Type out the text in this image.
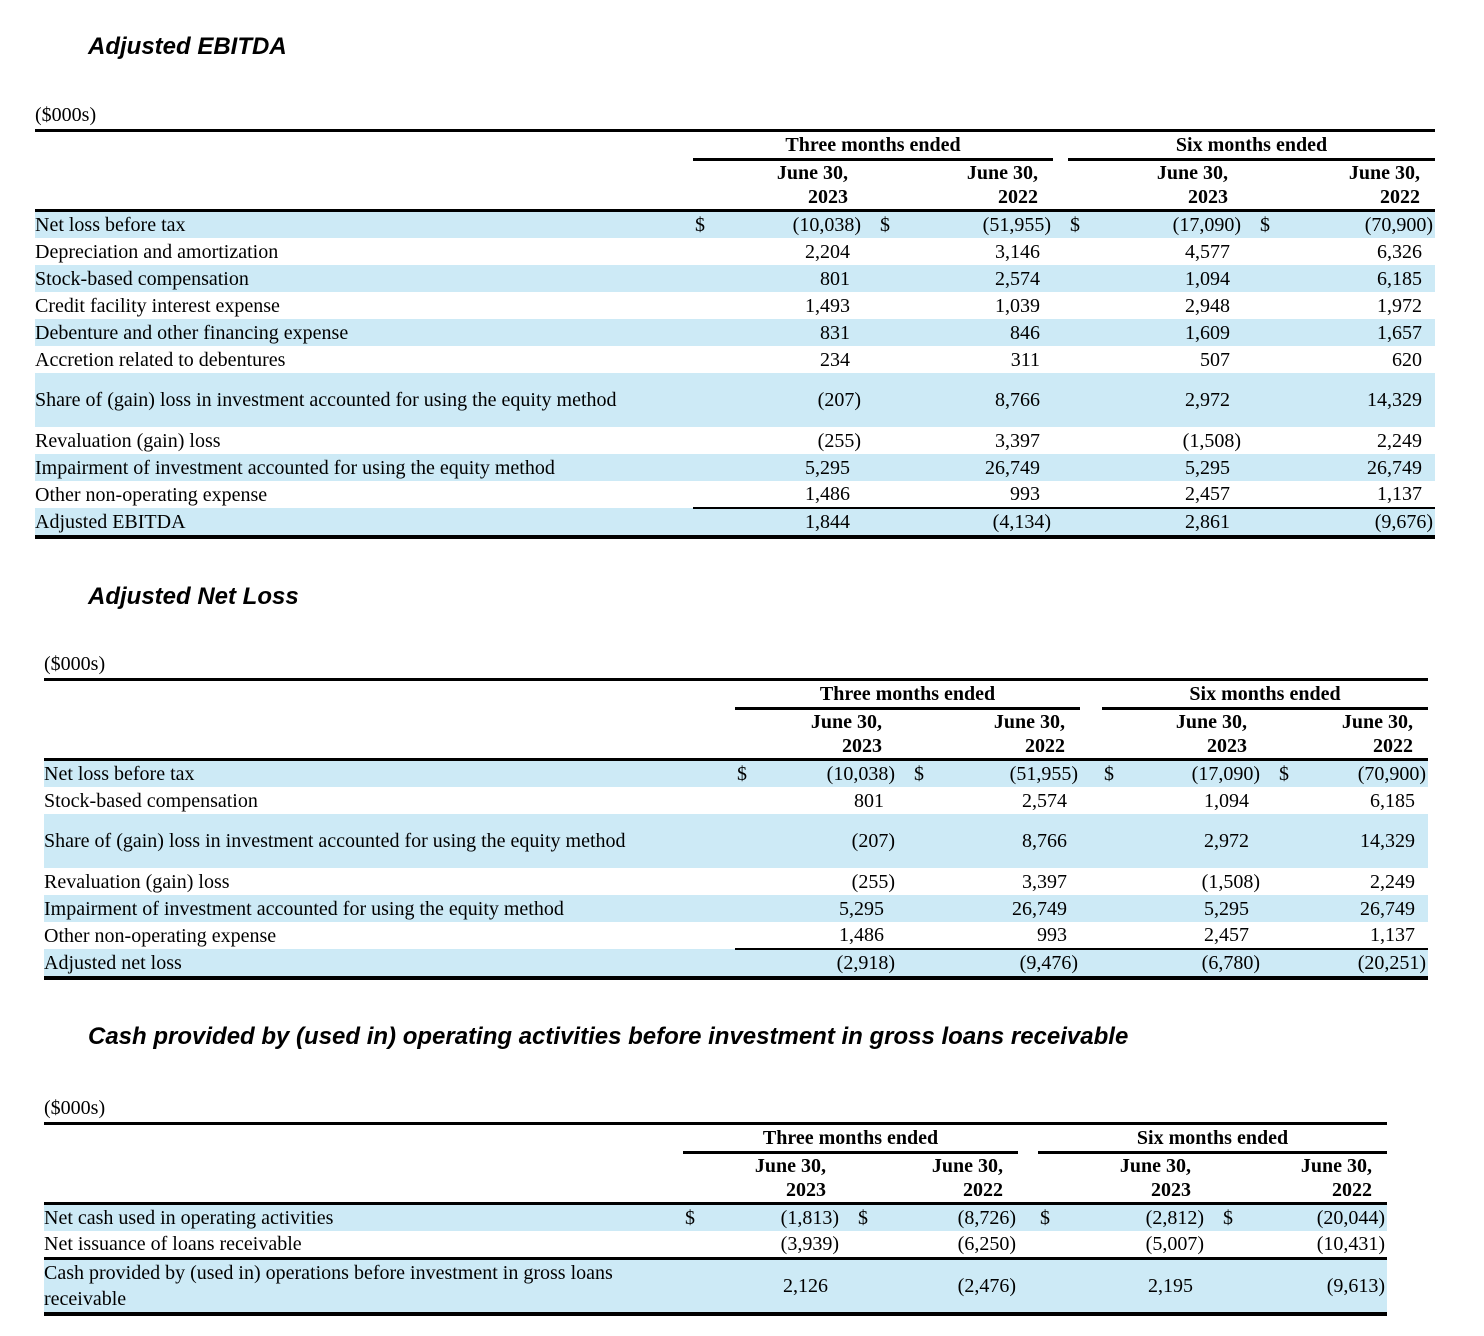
Adjusted EBITDA
($000s)									
	Three months ended					Six months ended			

June 30,
2023

June 30,
2022

June 30,
2023

June 30,
2022

Net loss before tax	$	(10,038)	$	(51,955)		$	(17,090)	$	(70,900)
Depreciation and amortization		2,204		3,146			4,577		6,326
Stock-based compensation		801		2,574			1,094		6,185
Credit facility interest expense		1,493		1,039			2,948		1,972
Debenture and other financing expense		831		846			1,609		1,657
Accretion related to debentures		234		311			507		620
Share of (gain) loss in investment accounted for using the equity method		(207)		8,766			2,972		14,329
Revaluation (gain) loss		(255)		3,397			(1,508)		2,249
Impairment of investment accounted for using the equity method		5,295		26,749			5,295		26,749
Other non-operating expense		1,486		993			2,457		1,137
Adjusted EBITDA		1,844		(4,134)			2,861		(9,676)
Adjusted Net Loss
($000s)									
	Three months ended					Six months ended			

June 30,
2023

June 30,
2022

June 30,
2023

June 30,
2022

Net loss before tax	$	(10,038)	$	(51,955)		$	(17,090)	$	(70,900)
Stock-based compensation		801		2,574			1,094		6,185
Share of (gain) loss in investment accounted for using the equity method		(207)		8,766			2,972		14,329
Revaluation (gain) loss		(255)		3,397			(1,508)		2,249
Impairment of investment accounted for using the equity method		5,295		26,749			5,295		26,749
Other non-operating expense		1,486		993			2,457		1,137
Adjusted net loss		(2,918)		(9,476)			(6,780)		(20,251)
Cash provided by (used in) operating activities before investment in gross loans receivable
($000s)									
	Three months ended					Six months ended			

June 30,
2023

June 30,
2022

June 30,
2023

June 30,
2022

Net cash used in operating activities	$	(1,813)	$	(8,726)		$	(2,812)	$	(20,044)
Net issuance of loans receivable		(3,939)		(6,250)			(5,007)		(10,431)
Cash provided by (used in) operations before investment in gross loans receivable		2,126		(2,476)			2,195		(9,613)
